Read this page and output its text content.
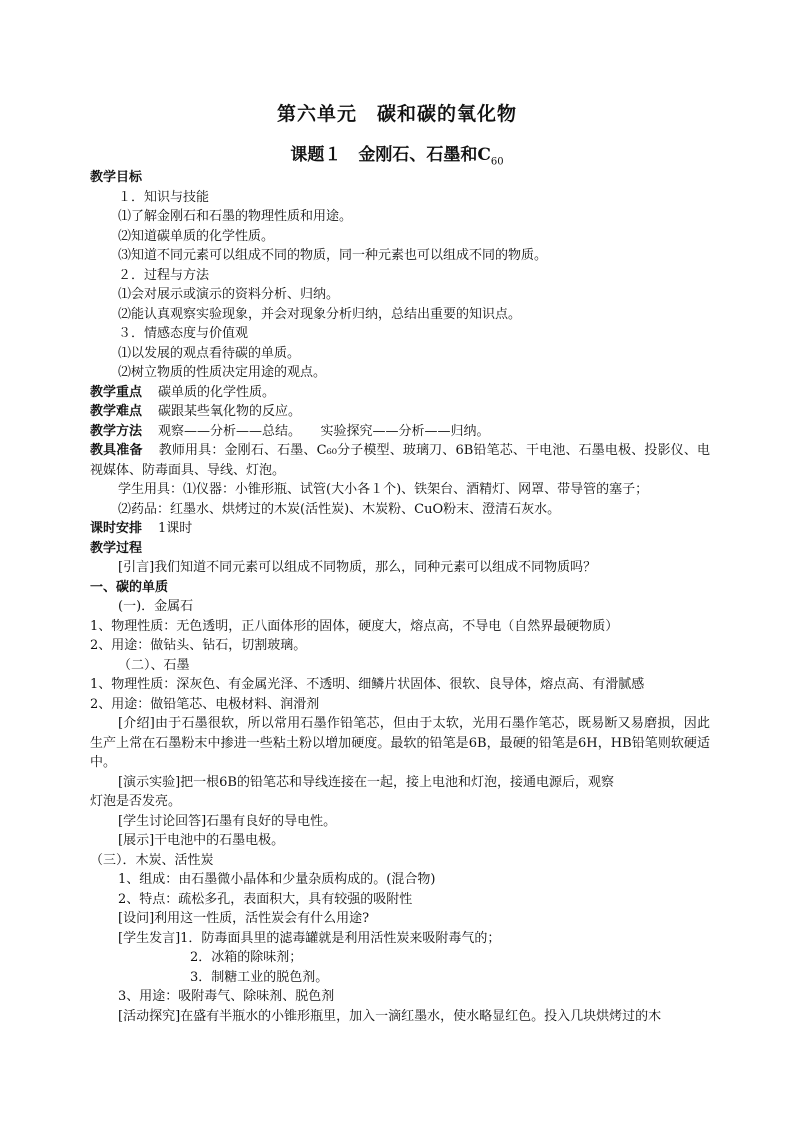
第六单元　碳和碳的氧化物
课题１　金刚石、石墨和$C_{60}$
教学目标
１．知识与技能
⑴了解金刚石和石墨的物理性质和用途。
⑵知道碳单质的化学性质。
⑶知道不同元素可以组成不同的物质，同一种元素也可以组成不同的物质。
２．过程与方法
⑴会对展示或演示的资料分析、归纳。
⑵能认真观察实验现象，并会对现象分析归纳，总结出重要的知识点。
３．情感态度与价值观
⑴以发展的观点看待碳的单质。
⑵树立物质的性质决定用途的观点。
教学重点 碳单质的化学性质。
教学难点 碳跟某些氧化物的反应。
教学方法 观察——分析——总结。　　实验探究——分析——归纳。
教具准备 教师用具：金刚石、石墨、C₆₀分子模型、玻璃刀、6B铅笔芯、干电池、石墨电极、投影仪、电视媒体、防毒面具、导线、灯泡。
学生用具：⑴仪器：小锥形瓶、试管(大小各１个)、铁架台、酒精灯、网罩、带导管的塞子；
⑵药品：红墨水、烘烤过的木炭(活性炭)、木炭粉、CuO粉末、澄清石灰水。
课时安排 1课时
教学过程
[引言]我们知道不同元素可以组成不同物质，那么，同种元素可以组成不同物质吗？
一、碳的单质
(一)．金属石
1、物理性质：无色透明，正八面体形的固体，硬度大，熔点高，不导电（自然界最硬物质）
2、用途：做钻头、钻石，切割玻璃。
（二）、石墨
1、物理性质：深灰色、有金属光泽、不透明、细鳞片状固体、很软、良导体，熔点高、有滑腻感
2、用途：做铅笔芯、电极材料、润滑剂
[介绍]由于石墨很软，所以常用石墨作铅笔芯，但由于太软，光用石墨作笔芯，既易断又易磨损，因此生产上常在石墨粉末中掺进一些粘土粉以增加硬度。最软的铅笔是6B，最硬的铅笔是6H，HB铅笔则软硬适中。
[演示实验]把一根6B的铅笔芯和导线连接在一起，接上电池和灯泡，接通电源后，观察
灯泡是否发亮。
[学生讨论回答]石墨有良好的导电性。
[展示]干电池中的石墨电极。
（三）．木炭、活性炭
1、组成：由石墨微小晶体和少量杂质构成的。(混合物)
2、特点：疏松多孔，表面积大，具有较强的吸附性
[设问]利用这一性质，活性炭会有什么用途?
[学生发言]1．防毒面具里的滤毒罐就是利用活性炭来吸附毒气的；
2．冰箱的除味剂；
3．制糖工业的脱色剂。
3、用途：吸附毒气、除味剂、脱色剂
[活动探究]在盛有半瓶水的小锥形瓶里，加入一滴红墨水，使水略显红色。投入几块烘烤过的木
